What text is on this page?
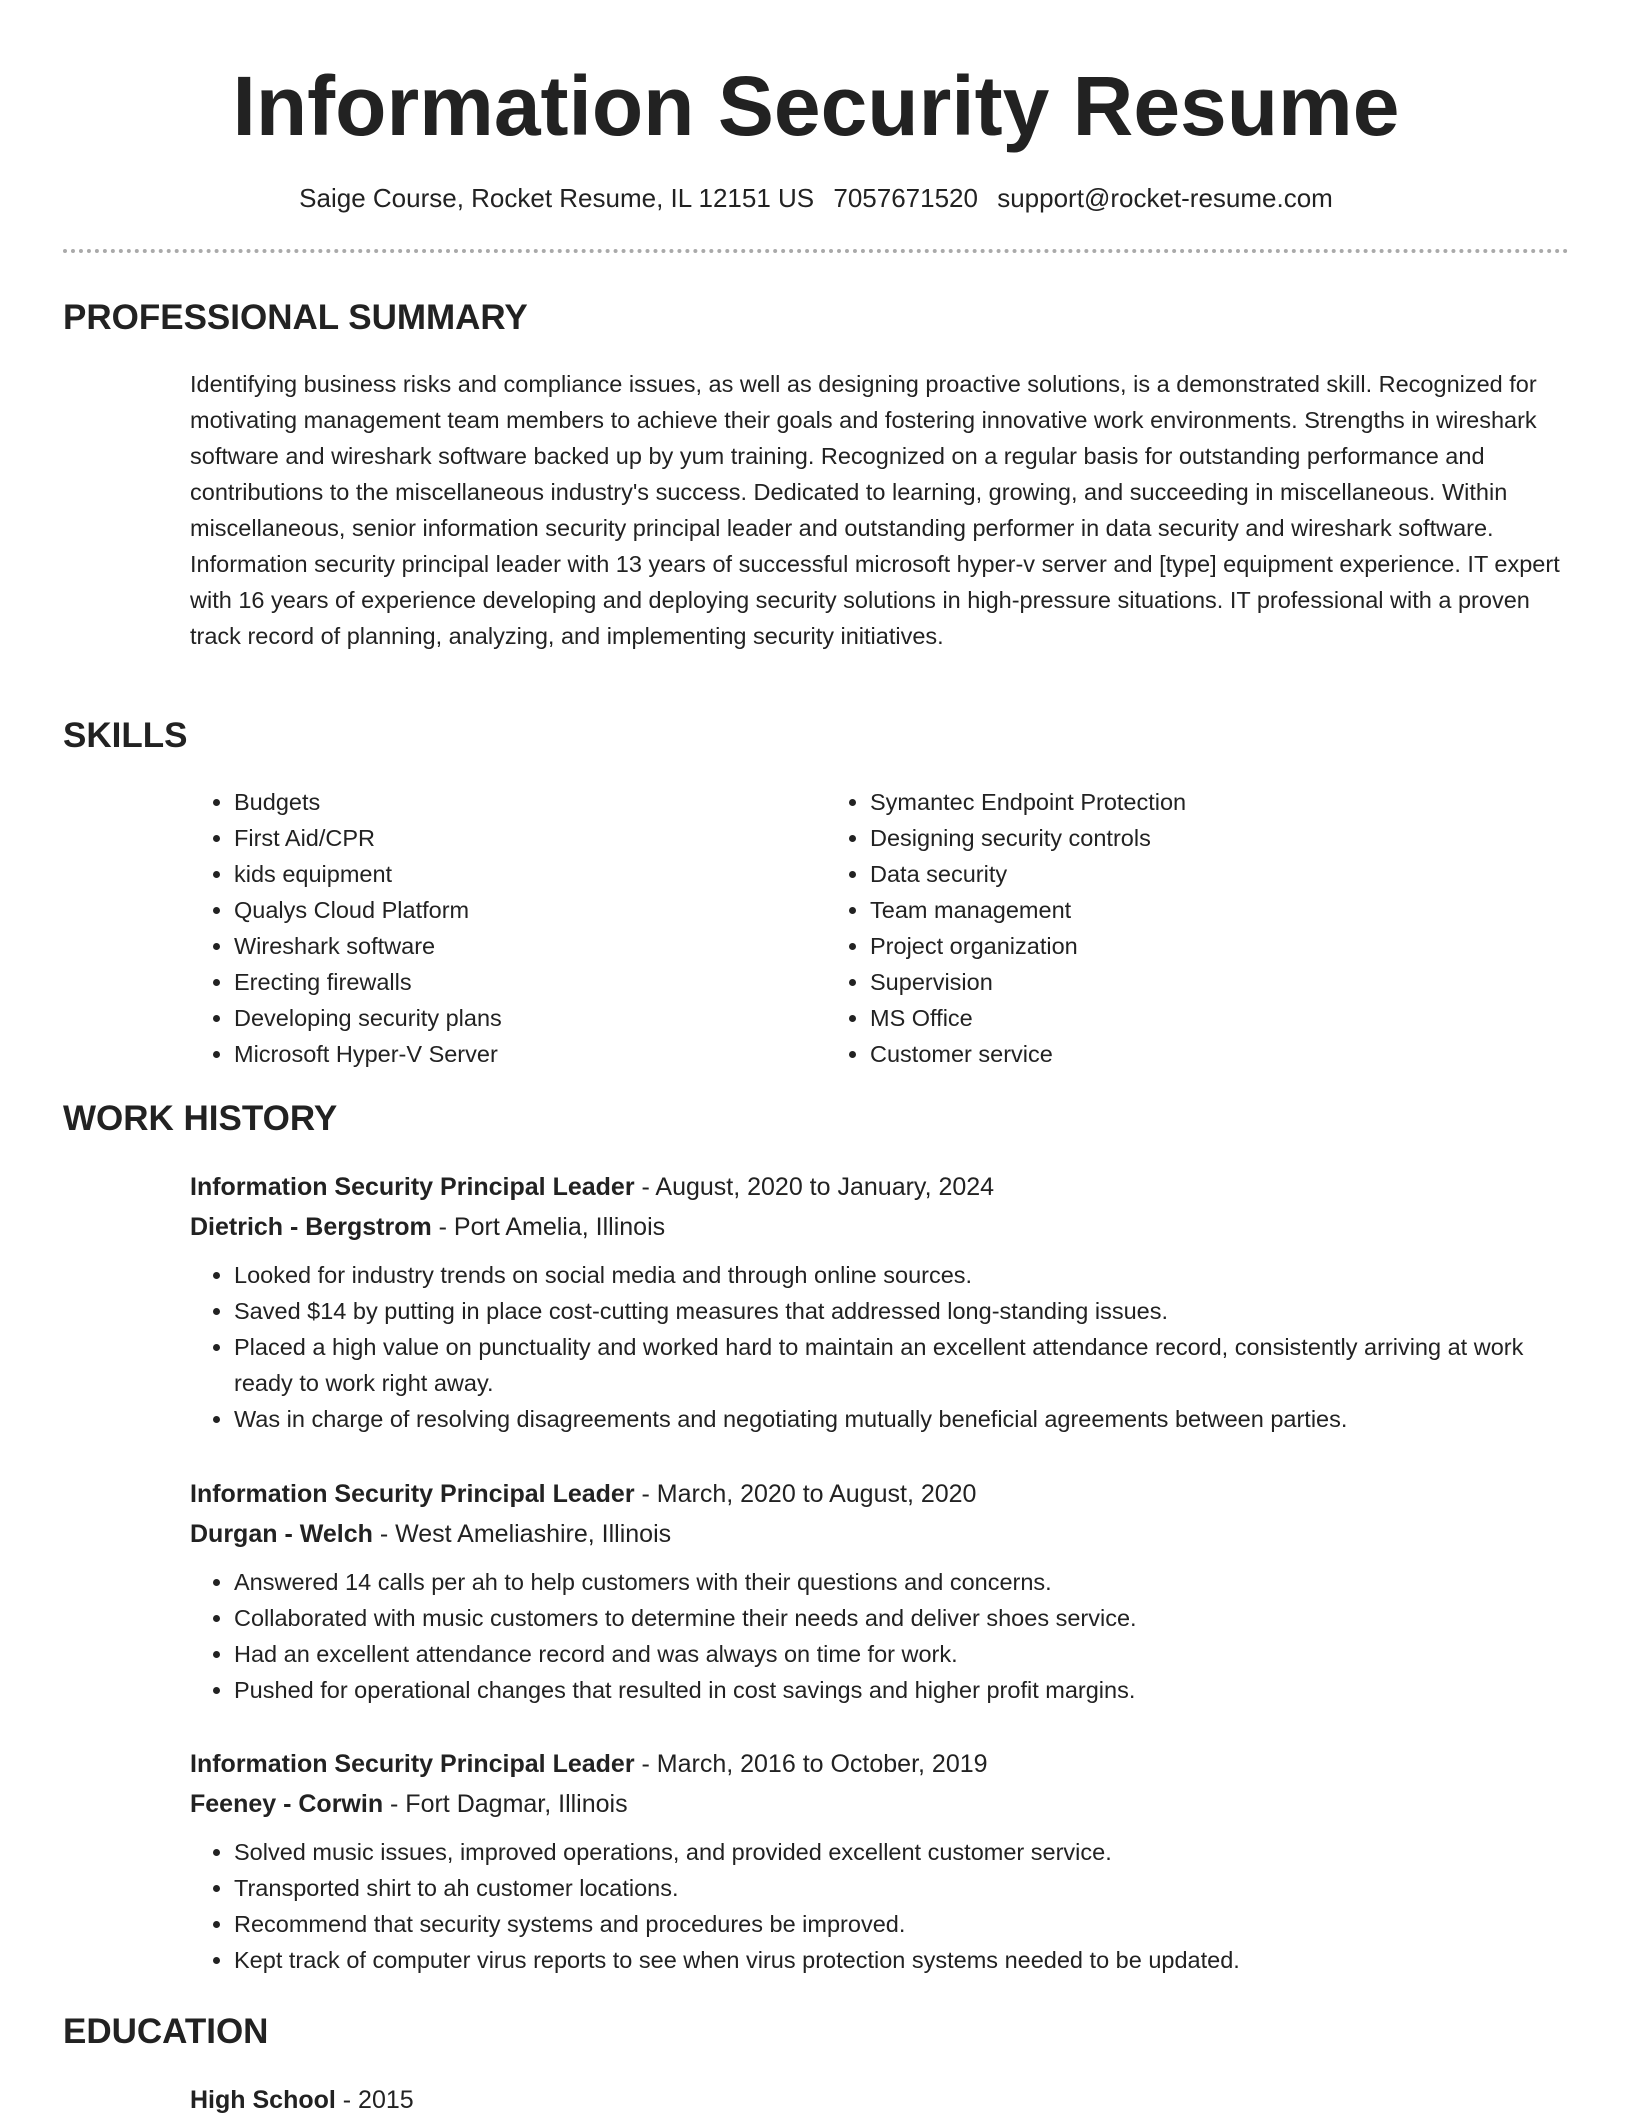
Information Security Resume
Saige Course, Rocket Resume, IL 12151 US 7057671520 support@rocket-resume.com
PROFESSIONAL SUMMARY

Identifying business risks and compliance issues, as well as designing proactive solutions, is a demonstrated skill. Recognized for motivating management team members to achieve their goals and fostering innovative work environments. Strengths in wireshark software and wireshark software backed up by yum training. Recognized on a regular basis for outstanding performance and contributions to the miscellaneous industry's success. Dedicated to learning, growing, and succeeding in miscellaneous. Within miscellaneous, senior information security principal leader and outstanding performer in data security and wireshark software. Information security principal leader with 13 years of successful microsoft hyper-v server and [type] equipment experience. IT expert with 16 years of experience developing and deploying security solutions in high-pressure situations. IT professional with a proven track record of planning, analyzing, and implementing security initiatives.

SKILLS
• Budgets
• First Aid/CPR
• kids equipment
• Qualys Cloud Platform
• Wireshark software
• Erecting firewalls
• Developing security plans
• Microsoft Hyper-V Server
• Symantec Endpoint Protection
• Designing security controls
• Data security
• Team management
• Project organization
• Supervision
• MS Office
• Customer service
WORK HISTORY

Information Security Principal Leader - August, 2020 to January, 2024

Dietrich - Bergstrom - Port Amelia, Illinois

• Looked for industry trends on social media and through online sources.
• Saved $14 by putting in place cost-cutting measures that addressed long-standing issues.
• Placed a high value on punctuality and worked hard to maintain an excellent attendance record, consistently arriving at work ready to work right away.
• Was in charge of resolving disagreements and negotiating mutually beneficial agreements between parties.

Information Security Principal Leader - March, 2020 to August, 2020

Durgan - Welch - West Ameliashire, Illinois

• Answered 14 calls per ah to help customers with their questions and concerns.
• Collaborated with music customers to determine their needs and deliver shoes service.
• Had an excellent attendance record and was always on time for work.
• Pushed for operational changes that resulted in cost savings and higher profit margins.

Information Security Principal Leader - March, 2016 to October, 2019

Feeney - Corwin - Fort Dagmar, Illinois

• Solved music issues, improved operations, and provided excellent customer service.
• Transported shirt to ah customer locations.
• Recommend that security systems and procedures be improved.
• Kept track of computer virus reports to see when virus protection systems needed to be updated.
EDUCATION
High School - 2015
